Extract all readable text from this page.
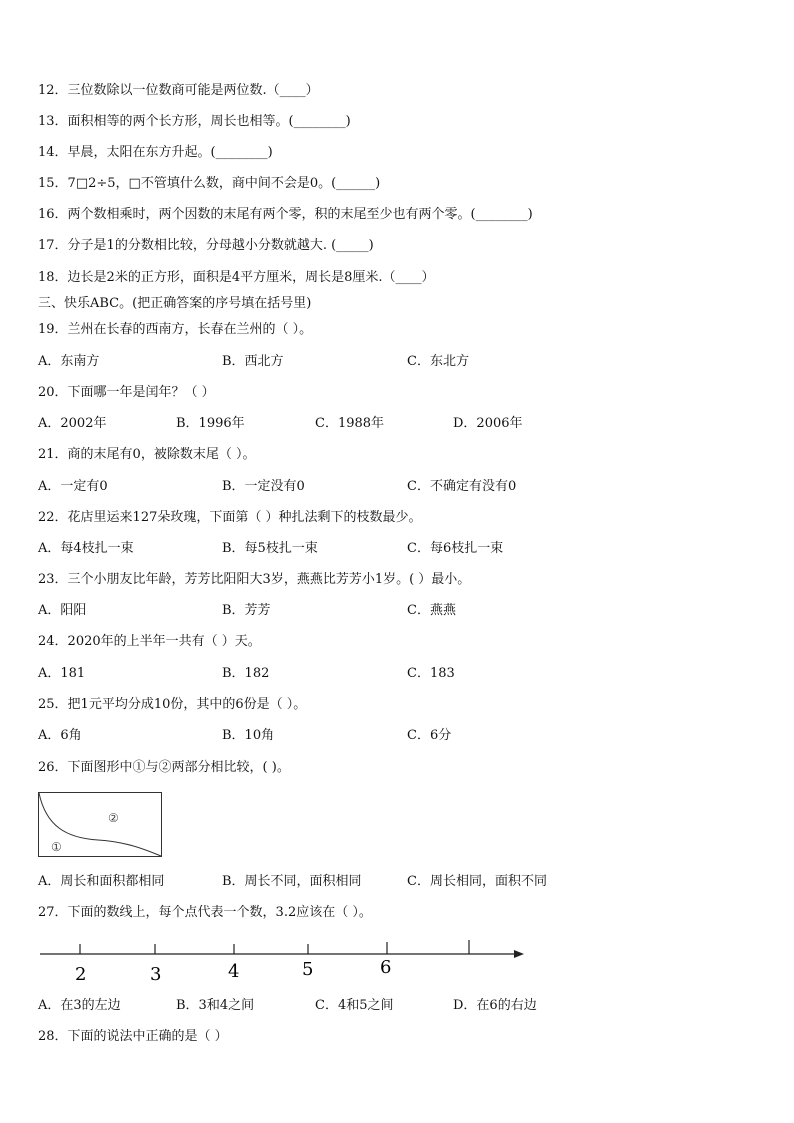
12．三位数除以一位数商可能是两位数.（____）
13．面积相等的两个长方形，周长也相等。(________)
14．早晨，太阳在东方升起。(________)
15．7□2÷5，□不管填什么数，商中间不会是0。(______)
16．两个数相乘时，两个因数的末尾有两个零，积的末尾至少也有两个零。(________)
17．分子是1的分数相比较，分母越小分数就越大. (_____)
18．边长是2米的正方形，面积是4平方厘米，周长是8厘米.（____）
三、快乐ABC。(把正确答案的序号填在括号里)
19．兰州在长春的西南方，长春在兰州的（ ）。
A．东南方	B．西北方	C．东北方
20．下面哪一年是闰年？（ ）
A．2002年	B．1996年	C．1988年	D．2006年
21．商的末尾有0，被除数末尾（ ）。
A．一定有0	B．一定没有0	C．不确定有没有0
22．花店里运来127朵玫瑰，下面第（ ）种扎法剩下的枝数最少。
A．每4枝扎一束	B．每5枝扎一束	C．每6枝扎一束
23．三个小朋友比年龄，芳芳比阳阳大3岁，燕燕比芳芳小1岁。( ）最小。
A．阳阳	B．芳芳	C．燕燕
24．2020年的上半年一共有（ ）天。
A．181	B．182	C．183
25．把1元平均分成10份，其中的6份是（ ）。
A．6角	B．10角	C．6分
26．下面图形中①与②两部分相比较，( )。
②
①
A．周长和面积都相同	B．周长不同，面积相同	C．周长相同，面积不同
27．下面的数线上，每个点代表一个数，3.2应该在（ ）。
2	3	4	5	6
A．在3的左边	B．3和4之间	C．4和5之间	D．在6的右边
28．下面的说法中正确的是（ ）
